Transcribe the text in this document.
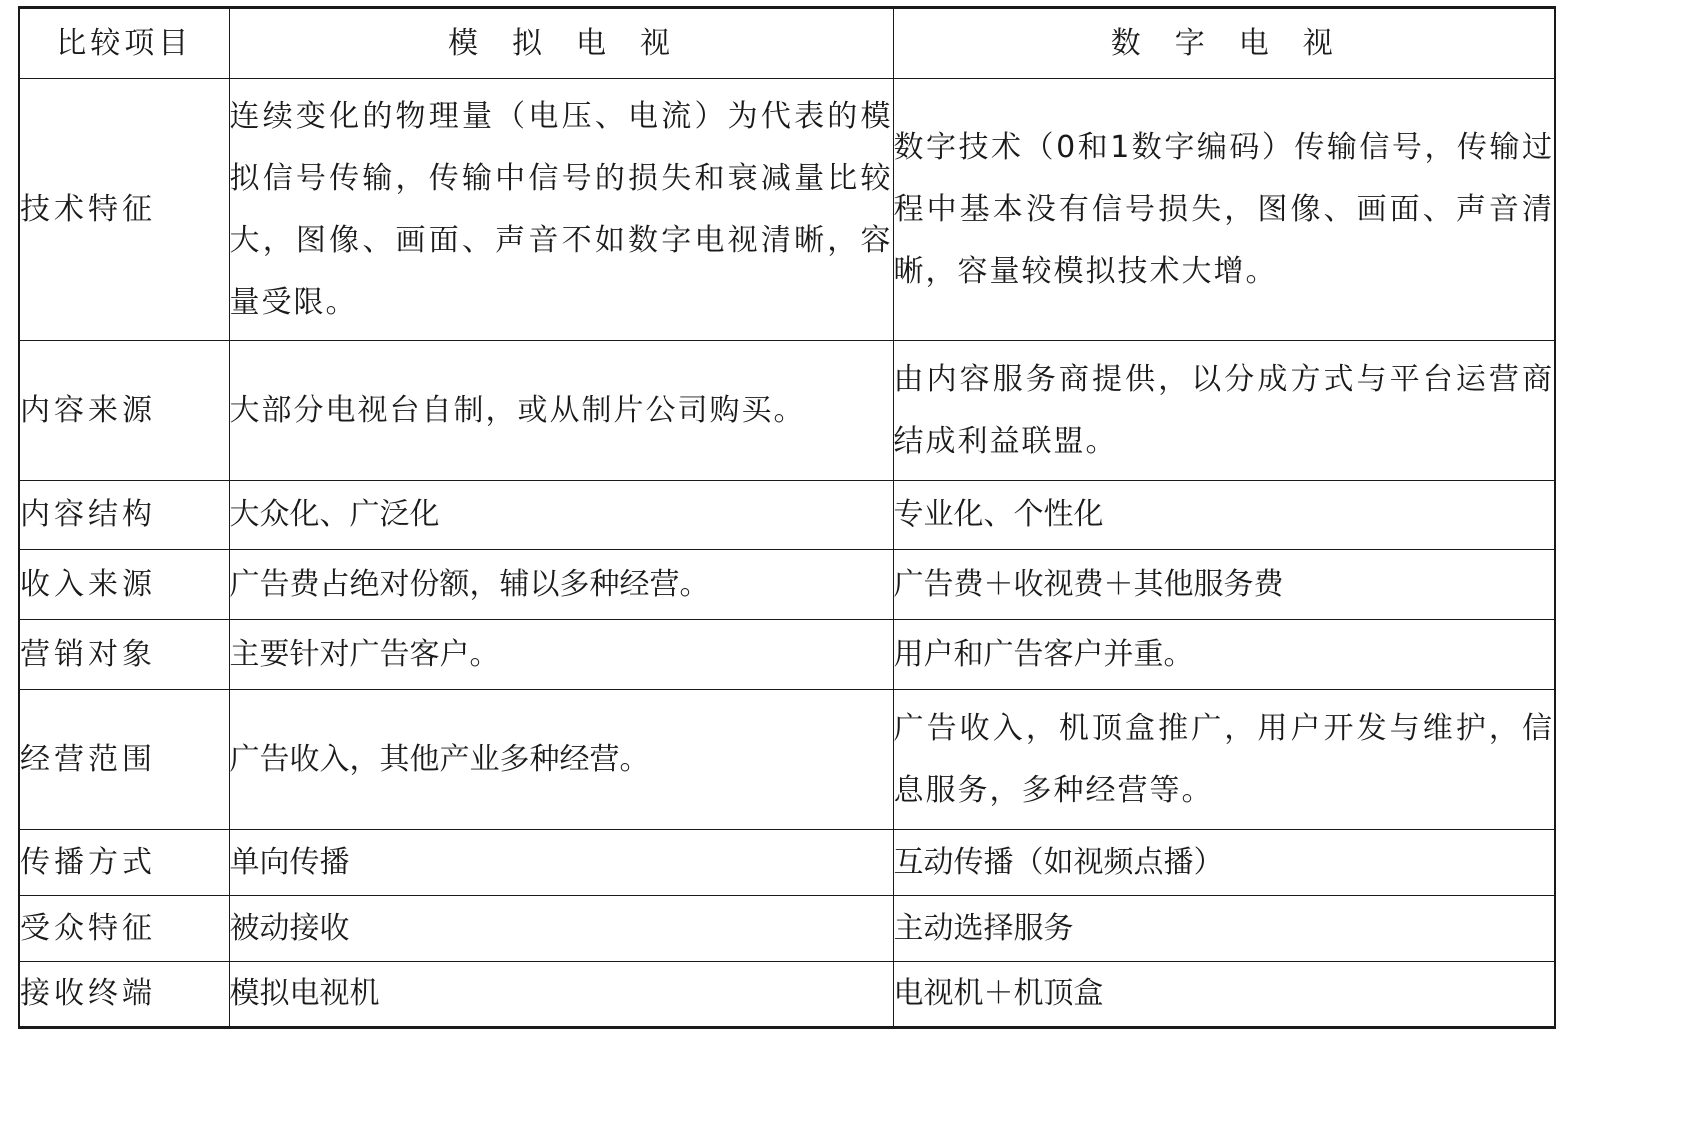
比较项目	模拟电视	数字电视
技术特征	连续变化的物理量（电压、电流）为代表的模拟信号传输，传输中信号的损失和衰减量比较大，图像、画面、声音不如数字电视清晰，容量受限。	数字技术（0和1数字编码）传输信号，传输过程中基本没有信号损失，图像、画面、声音清晰，容量较模拟技术大增。
内容来源	大部分电视台自制，或从制片公司购买。	由内容服务商提供，以分成方式与平台运营商结成利益联盟。
内容结构	大众化、广泛化	专业化、个性化
收入来源	广告费占绝对份额，辅以多种经营。	广告费＋收视费＋其他服务费
营销对象	主要针对广告客户。	用户和广告客户并重。
经营范围	广告收入，其他产业多种经营。	广告收入，机顶盒推广，用户开发与维护，信息服务，多种经营等。
传播方式	单向传播	互动传播（如视频点播）
受众特征	被动接收	主动选择服务
接收终端	模拟电视机	电视机＋机顶盒
